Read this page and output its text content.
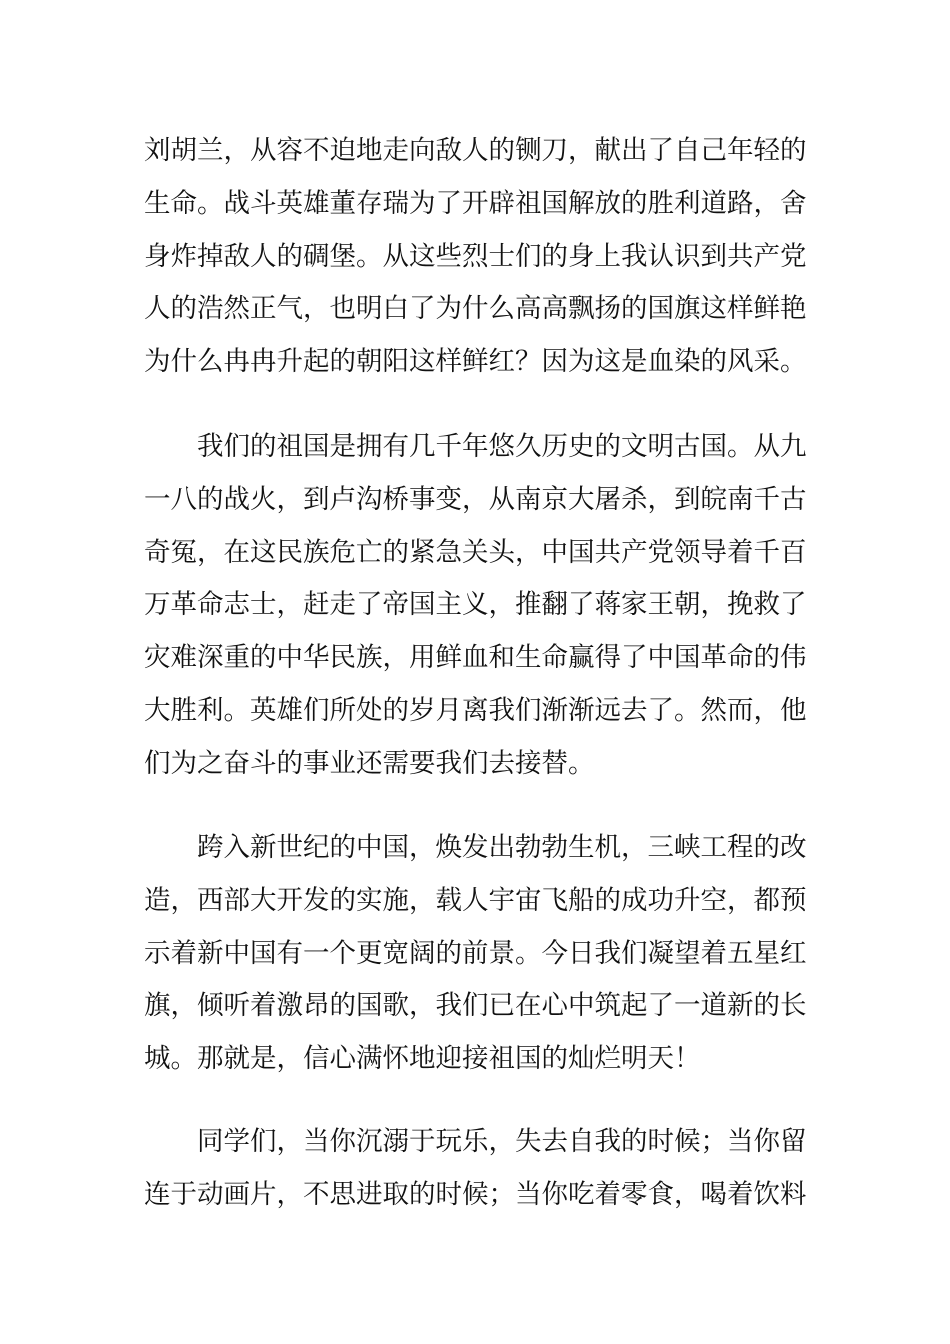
刘胡兰，从容不迫地走向敌人的铡刀，献出了自己年轻的
生命。战斗英雄董存瑞为了开辟祖国解放的胜利道路，舍
身炸掉敌人的碉堡。从这些烈士们的身上我认识到共产党
人的浩然正气，也明白了为什么高高飘扬的国旗这样鲜艳
为什么冉冉升起的朝阳这样鲜红？因为这是血染的风采。

　　我们的祖国是拥有几千年悠久历史的文明古国。从九
一八的战火，到卢沟桥事变，从南京大屠杀，到皖南千古
奇冤，在这民族危亡的紧急关头，中国共产党领导着千百
万革命志士，赶走了帝国主义，推翻了蒋家王朝，挽救了
灾难深重的中华民族，用鲜血和生命赢得了中国革命的伟
大胜利。英雄们所处的岁月离我们渐渐远去了。然而，他
们为之奋斗的事业还需要我们去接替。

　　跨入新世纪的中国，焕发出勃勃生机，三峡工程的改
造，西部大开发的实施，载人宇宙飞船的成功升空，都预
示着新中国有一个更宽阔的前景。今日我们凝望着五星红
旗，倾听着激昂的国歌，我们已在心中筑起了一道新的长
城。那就是，信心满怀地迎接祖国的灿烂明天！

　　同学们，当你沉溺于玩乐，失去自我的时候；当你留
连于动画片，不思进取的时候；当你吃着零食，喝着饮料
